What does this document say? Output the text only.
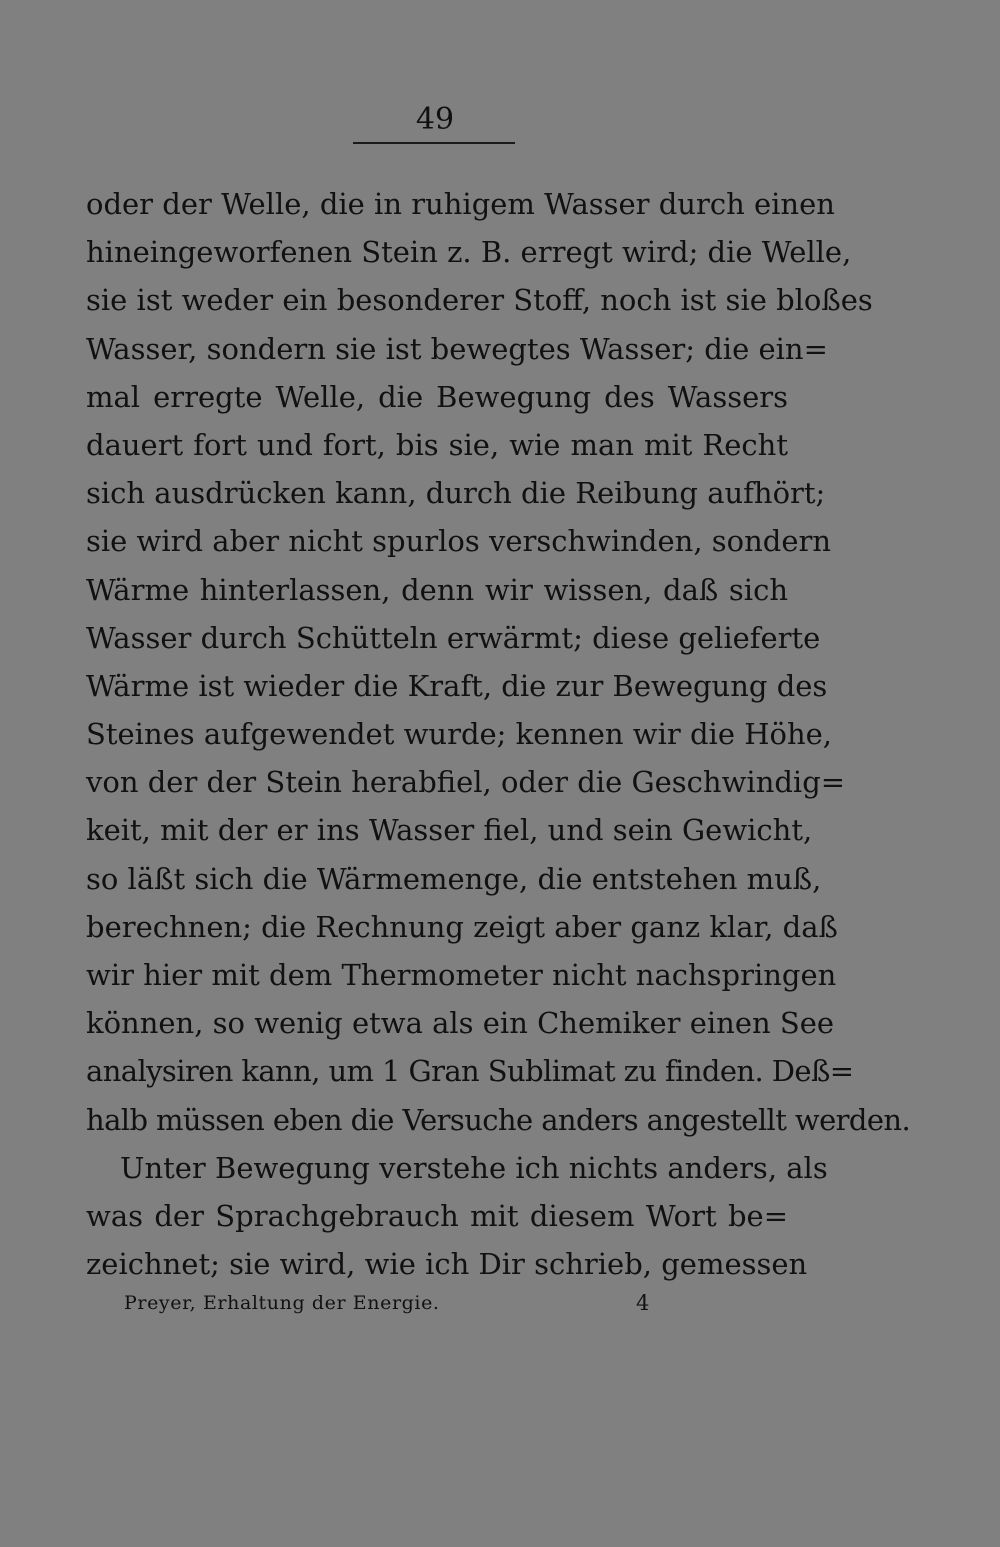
49
oder der Welle, die in ruhigem Wasser durch einen
hineingeworfenen Stein z. B. erregt wird; die Welle,
sie ist weder ein besonderer Stoff, noch ist sie bloßes
Wasser, sondern sie ist bewegtes Wasser; die ein=
mal erregte Welle, die Bewegung des Wassers
dauert fort und fort, bis sie, wie man mit Recht
sich ausdrücken kann, durch die Reibung aufhört;
sie wird aber nicht spurlos verschwinden, sondern
Wärme hinterlassen, denn wir wissen, daß sich
Wasser durch Schütteln erwärmt; diese gelieferte
Wärme ist wieder die Kraft, die zur Bewegung des
Steines aufgewendet wurde; kennen wir die Höhe,
von der der Stein herabfiel, oder die Geschwindig=
keit, mit der er ins Wasser fiel, und sein Gewicht,
so läßt sich die Wärmemenge, die entstehen muß,
berechnen; die Rechnung zeigt aber ganz klar, daß
wir hier mit dem Thermometer nicht nachspringen
können, so wenig etwa als ein Chemiker einen See
analysiren kann, um 1 Gran Sublimat zu finden. Deß=
halb müssen eben die Versuche anders angestellt werden.
Unter Bewegung verstehe ich nichts anders, als
was der Sprachgebrauch mit diesem Wort be=
zeichnet; sie wird, wie ich Dir schrieb, gemessen
Preyer, Erhaltung der Energie.	4
